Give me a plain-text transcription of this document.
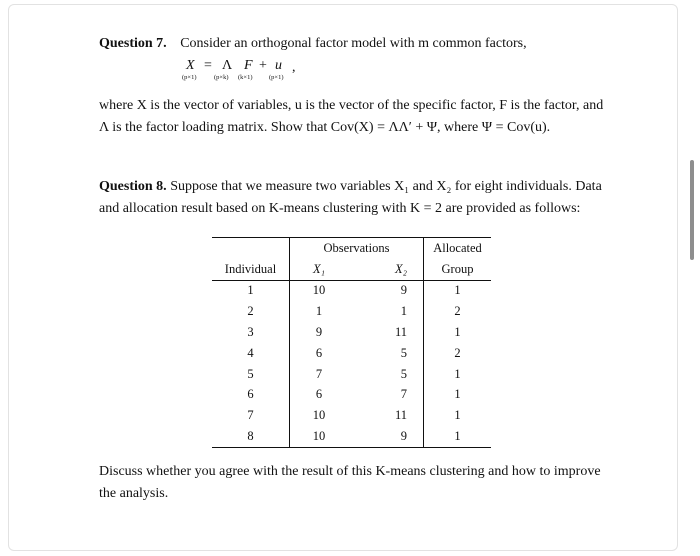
Question 7. Consider an orthogonal factor model with m common factors,
X = Λ F + u ,
(p×1)	(p×k) (k×1)	(p×1)
where X is the vector of variables, u is the vector of the specific factor, F is the factor, and
Λ is the factor loading matrix. Show that Cov(X) = ΛΛ′ + Ψ, where Ψ = Cov(u).
Question 8. Suppose that we measure two variables X₁ and X₂ for eight individuals. Data
and allocation result based on K-means clustering with K = 2 are provided as follows:
	Observations		Allocated
Individual	X₁	X₂	Group
1	10	9	1
2	1	1	2
3	9	11	1
4	6	5	2
5	7	5	1
6	6	7	1
7	10	11	1
8	10	9	1
Discuss whether you agree with the result of this K-means clustering and how to improve
the analysis.
